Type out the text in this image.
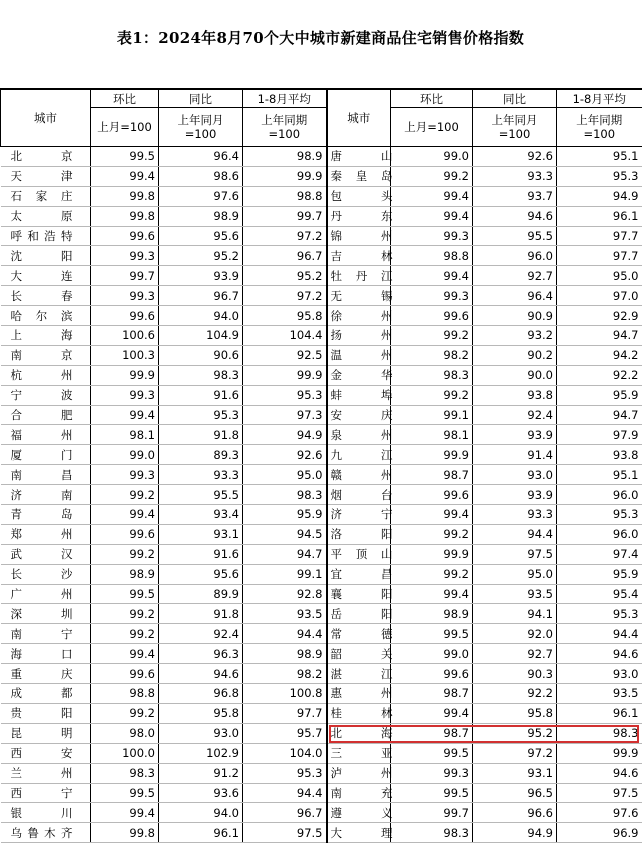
表1：2024年8月70个大中城市新建商品住宅销售价格指数
城市	环比	同比	1-8月平均	城市	环比	同比	1-8月平均
	上月=100	上年同月=100	上年同期=100		上月=100	上年同月=100	上年同期=100

北 京	99.5	96.4	98.9	唐 山	99.0	92.6	95.1

天 津	99.4	98.6	99.9	秦 皇 岛	99.2	93.3	95.3

石 家 庄	99.8	97.6	98.8	包 头	99.4	93.7	94.9

太 原	99.8	98.9	99.7	丹 东	99.4	94.6	96.1

呼 和 浩 特	99.6	95.6	97.2	锦 州	99.3	95.5	97.7

沈 阳	99.3	95.2	96.7	吉 林	98.8	96.0	97.7

大 连	99.7	93.9	95.2	牡 丹 江	99.4	92.7	95.0

长 春	99.3	96.7	97.2	无 锡	99.3	96.4	97.0

哈 尔 滨	99.6	94.0	95.8	徐 州	99.6	90.9	92.9

上 海	100.6	104.9	104.4	扬 州	99.2	93.2	94.7

南 京	100.3	90.6	92.5	温 州	98.2	90.2	94.2

杭 州	99.9	98.3	99.9	金 华	98.3	90.0	92.2

宁 波	99.3	91.6	95.3	蚌 埠	99.2	93.8	95.9

合 肥	99.4	95.3	97.3	安 庆	99.1	92.4	94.7

福 州	98.1	91.8	94.9	泉 州	98.1	93.9	97.9

厦 门	99.0	89.3	92.6	九 江	99.9	91.4	93.8

南 昌	99.3	93.3	95.0	赣 州	98.7	93.0	95.1

济 南	99.2	95.5	98.3	烟 台	99.6	93.9	96.0

青 岛	99.4	93.4	95.9	济 宁	99.4	93.3	95.3

郑 州	99.6	93.1	94.5	洛 阳	99.2	94.4	96.0

武 汉	99.2	91.6	94.7	平 顶 山	99.9	97.5	97.4

长 沙	98.9	95.6	99.1	宜 昌	99.2	95.0	95.9

广 州	99.5	89.9	92.8	襄 阳	99.4	93.5	95.4

深 圳	99.2	91.8	93.5	岳 阳	98.9	94.1	95.3

南 宁	99.2	92.4	94.4	常 德	99.5	92.0	94.4

海 口	99.4	96.3	98.9	韶 关	99.0	92.7	94.6

重 庆	99.6	94.6	98.2	湛 江	99.6	90.3	93.0

成 都	98.8	96.8	100.8	惠 州	98.7	92.2	93.5

贵 阳	99.2	95.8	97.7	桂 林	99.4	95.8	96.1

昆 明	98.0	93.0	95.7	北 海	98.7	95.2	98.3

西 安	100.0	102.9	104.0	三 亚	99.5	97.2	99.9

兰 州	98.3	91.2	95.3	泸 州	99.3	93.1	94.6

西 宁	99.5	93.6	94.4	南 充	99.5	96.5	97.5

银 川	99.4	94.0	96.7	遵 义	99.7	96.6	97.6

乌 鲁 木 齐	99.8	96.1	97.5	大 理	98.3	94.9	96.9
